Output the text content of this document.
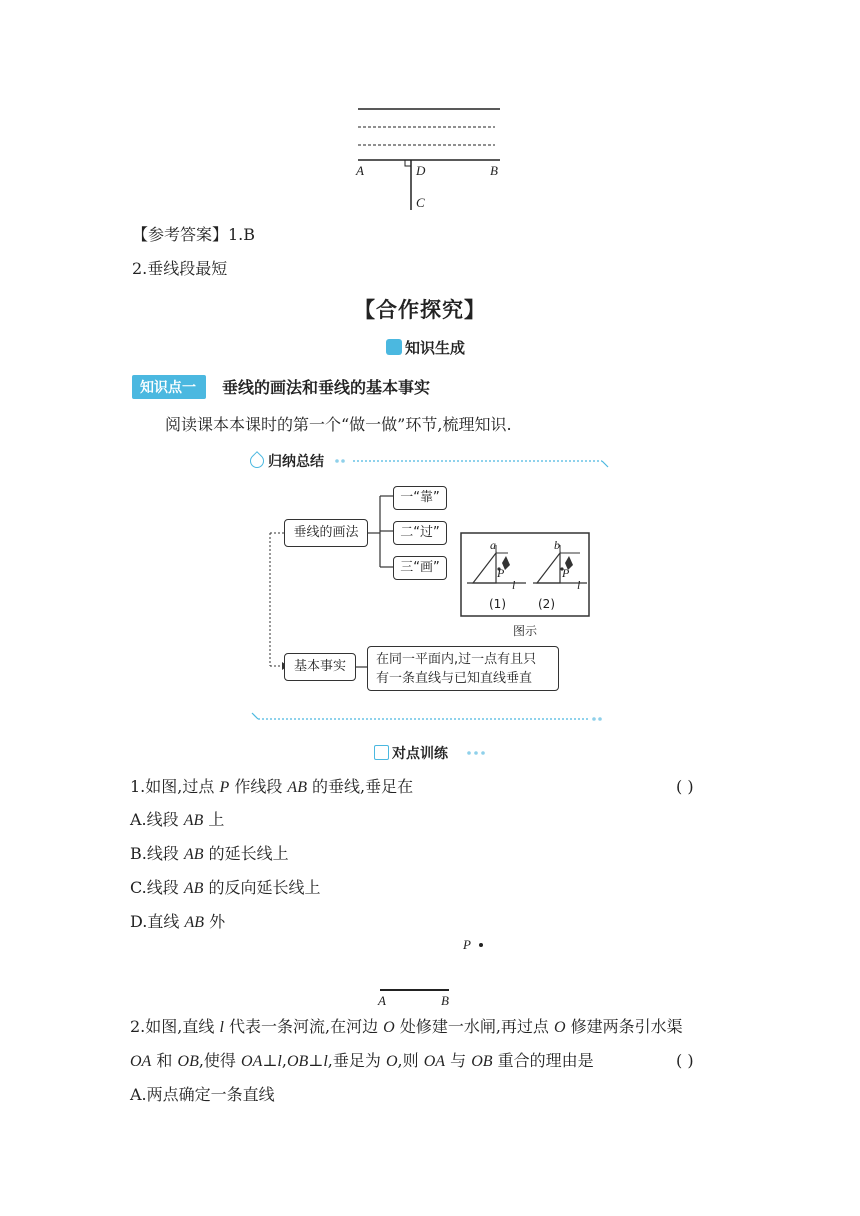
A	D	B
C
【参考答案】1.B
2.垂线段最短
【合作探究】
知识生成
知识点一	垂线的画法和垂线的基本事实
阅读课本本课时的第一个“做一做”环节,梳理知识.
归纳总结
垂线的画法
一“靠”
二“过”
三“画”
基本事实	在同一平面内,过一点有且只
有一条直线与已知直线垂直
a	b
P	P
l	l
(1)	(2)
图示
对点训练
1.如图,过点 P 作线段 AB 的垂线,垂足在	( )
A.线段 AB 上
B.线段 AB 的延长线上
C.线段 AB 的反向延长线上
D.直线 AB 外
P
A	B
2.如图,直线 l 代表一条河流,在河边 O 处修建一水闸,再过点 O 修建两条引水渠
OA 和 OB,使得 OA⊥l,OB⊥l,垂足为 O,则 OA 与 OB 重合的理由是	( )
A.两点确定一条直线
